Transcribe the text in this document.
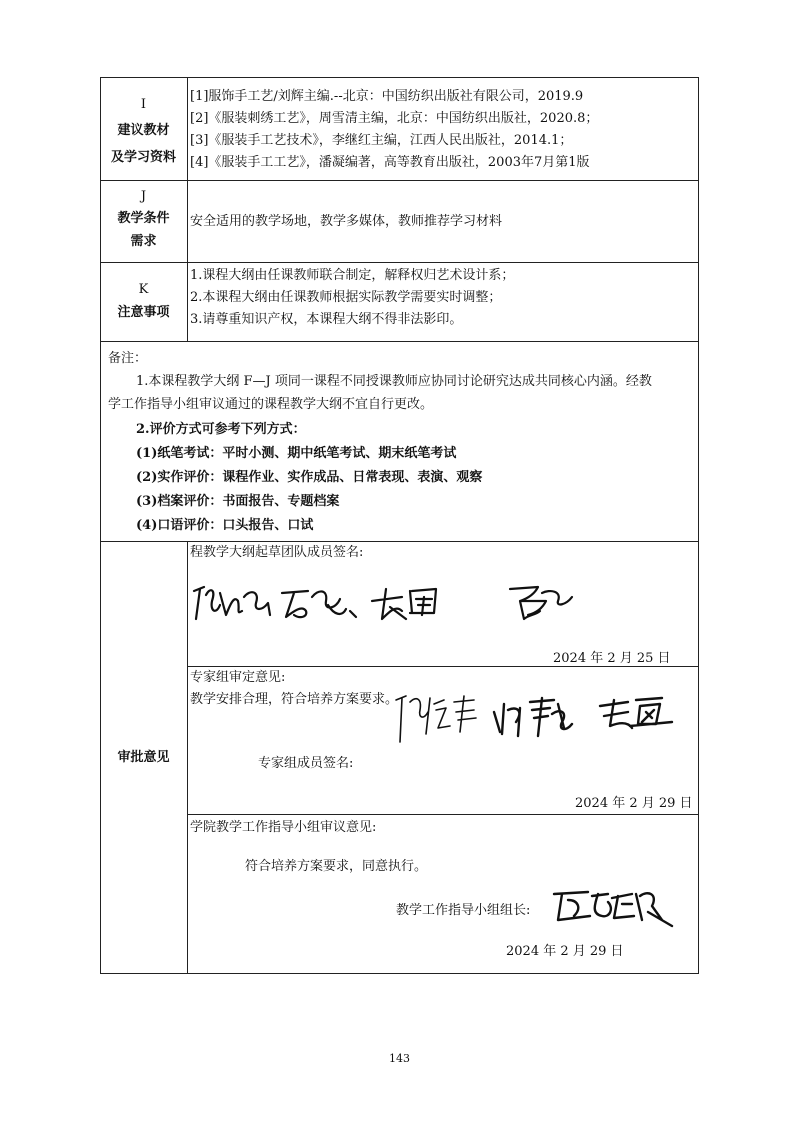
I
建议教材
及学习资料
[1]服饰手工艺/刘辉主编.--北京：中国纺织出版社有限公司，2019.9
[2]《服装刺绣工艺》，周雪清主编，北京：中国纺织出版社，2020.8；
[3]《服装手工艺技术》，李继红主编，江西人民出版社，2014.1；
[4]《服装手工工艺》，潘凝编著，高等教育出版社，2003年7月第1版
J
教学条件
需求
安全适用的教学场地，教学多媒体，教师推荐学习材料
K
注意事项
1.课程大纲由任课教师联合制定，解释权归艺术设计系；
2.本课程大纲由任课教师根据实际教学需要实时调整；
3.请尊重知识产权，本课程大纲不得非法影印。
备注：
1.本课程教学大纲 F—J 项同一课程不同授课教师应协同讨论研究达成共同核心内涵。经教
学工作指导小组审议通过的课程教学大纲不宜自行更改。
2.评价方式可参考下列方式：
(1)纸笔考试：平时小测、期中纸笔考试、期末纸笔考试
(2)实作评价：课程作业、实作成品、日常表现、表演、观察
(3)档案评价：书面报告、专题档案
(4)口语评价：口头报告、口试
审批意见
程教学大纲起草团队成员签名:
2024 年 2 月 25 日
专家组审定意见:
教学安排合理，符合培养方案要求。
专家组成员签名:
2024 年 2 月 29 日
学院教学工作指导小组审议意见:
符合培养方案要求，同意执行。
教学工作指导小组组长:
2024 年 2 月 29 日
143
